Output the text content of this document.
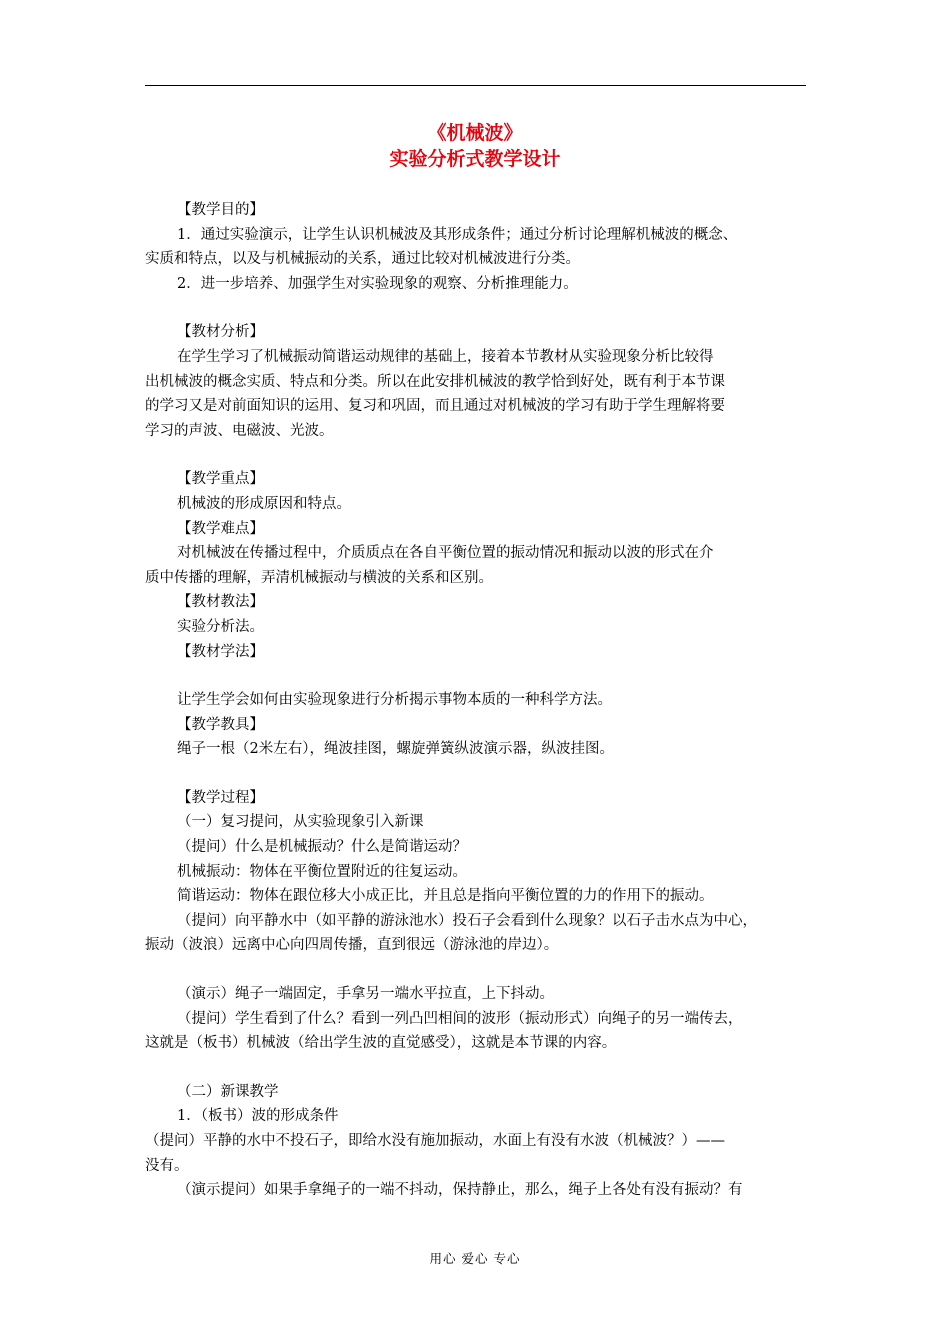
《机械波》
实验分析式教学设计

【教学目的】

1．通过实验演示，让学生认识机械波及其形成条件；通过分析讨论理解机械波的概念、

实质和特点，以及与机械振动的关系，通过比较对机械波进行分类。

2．进一步培养、加强学生对实验现象的观察、分析推理能力。

【教材分析】

在学生学习了机械振动简谐运动规律的基础上，接着本节教材从实验现象分析比较得

出机械波的概念实质、特点和分类。所以在此安排机械波的教学恰到好处，既有利于本节课

的学习又是对前面知识的运用、复习和巩固，而且通过对机械波的学习有助于学生理解将要

学习的声波、电磁波、光波。

【教学重点】

机械波的形成原因和特点。

【教学难点】

对机械波在传播过程中，介质质点在各自平衡位置的振动情况和振动以波的形式在介

质中传播的理解，弄清机械振动与横波的关系和区别。

【教材教法】

实验分析法。

【教材学法】

让学生学会如何由实验现象进行分析揭示事物本质的一种科学方法。

【教学教具】

绳子一根（2米左右），绳波挂图，螺旋弹簧纵波演示器，纵波挂图。

【教学过程】

（一）复习提问，从实验现象引入新课

（提问）什么是机械振动？什么是简谐运动？

机械振动：物体在平衡位置附近的往复运动。

简谐运动：物体在跟位移大小成正比，并且总是指向平衡位置的力的作用下的振动。

（提问）向平静水中（如平静的游泳池水）投石子会看到什么现象？以石子击水点为中心，

振动（波浪）远离中心向四周传播，直到很远（游泳池的岸边）。

（演示）绳子一端固定，手拿另一端水平拉直，上下抖动。

（提问）学生看到了什么？看到一列凸凹相间的波形（振动形式）向绳子的另一端传去，

这就是（板书）机械波（给出学生波的直觉感受），这就是本节课的内容。

（二）新课教学

1．（板书）波的形成条件

（提问）平静的水中不投石子，即给水没有施加振动，水面上有没有水波（机械波？）——

没有。

（演示提问）如果手拿绳子的一端不抖动，保持静止，那么，绳子上各处有没有振动？有

用心 爱心 专心
